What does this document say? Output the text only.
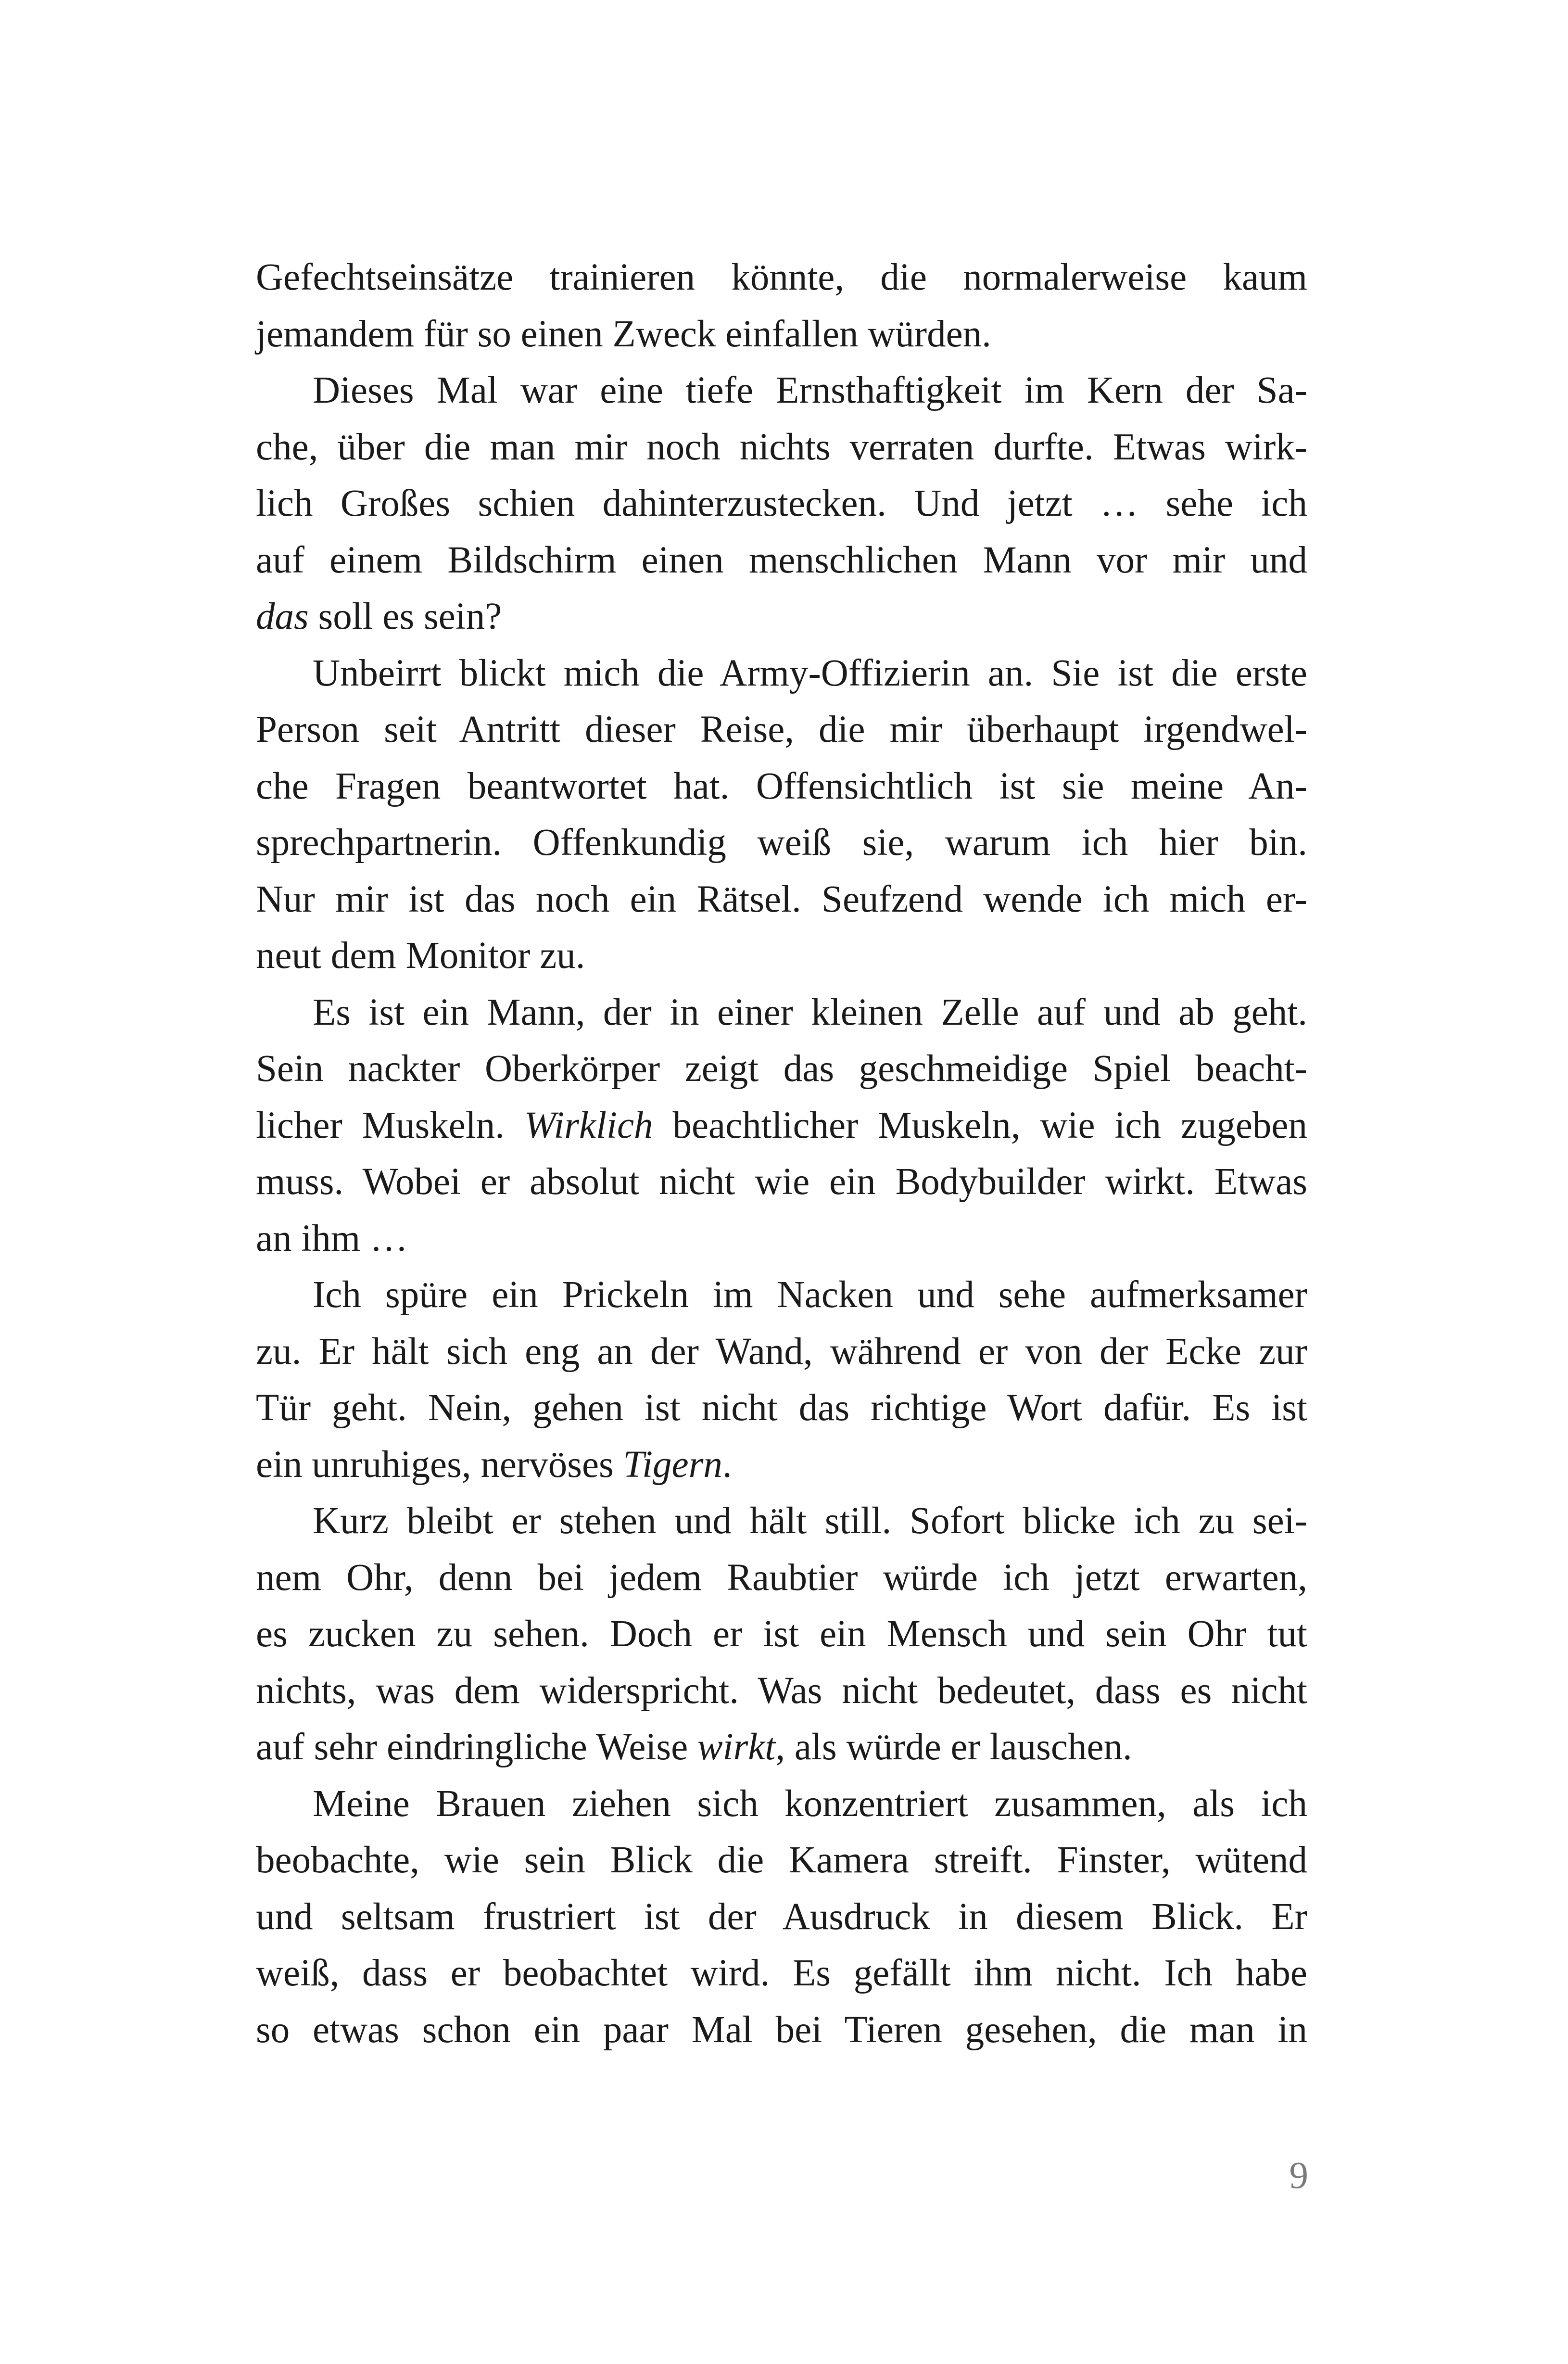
Gefechtseinsätze trainieren könnte, die normalerweise kaum
jemandem für so einen Zweck einfallen würden.
Dieses Mal war eine tiefe Ernsthaftigkeit im Kern der Sa-
che, über die man mir noch nichts verraten durfte. Etwas wirk-
lich Großes schien dahinterzustecken. Und jetzt … sehe ich
auf einem Bildschirm einen menschlichen Mann vor mir und
das soll es sein?
Unbeirrt blickt mich die Army-Offizierin an. Sie ist die erste
Person seit Antritt dieser Reise, die mir überhaupt irgendwel-
che Fragen beantwortet hat. Offensichtlich ist sie meine An-
sprechpartnerin. Offenkundig weiß sie, warum ich hier bin.
Nur mir ist das noch ein Rätsel. Seufzend wende ich mich er-
neut dem Monitor zu.
Es ist ein Mann, der in einer kleinen Zelle auf und ab geht.
Sein nackter Oberkörper zeigt das geschmeidige Spiel beacht-
licher Muskeln. Wirklich beachtlicher Muskeln, wie ich zugeben
muss. Wobei er absolut nicht wie ein Bodybuilder wirkt. Etwas
an ihm …
Ich spüre ein Prickeln im Nacken und sehe aufmerksamer
zu. Er hält sich eng an der Wand, während er von der Ecke zur
Tür geht. Nein, gehen ist nicht das richtige Wort dafür. Es ist
ein unruhiges, nervöses Tigern.
Kurz bleibt er stehen und hält still. Sofort blicke ich zu sei-
nem Ohr, denn bei jedem Raubtier würde ich jetzt erwarten,
es zucken zu sehen. Doch er ist ein Mensch und sein Ohr tut
nichts, was dem widerspricht. Was nicht bedeutet, dass es nicht
auf sehr eindringliche Weise wirkt, als würde er lauschen.
Meine Brauen ziehen sich konzentriert zusammen, als ich
beobachte, wie sein Blick die Kamera streift. Finster, wütend
und seltsam frustriert ist der Ausdruck in diesem Blick. Er
weiß, dass er beobachtet wird. Es gefällt ihm nicht. Ich habe
so etwas schon ein paar Mal bei Tieren gesehen, die man in
9
